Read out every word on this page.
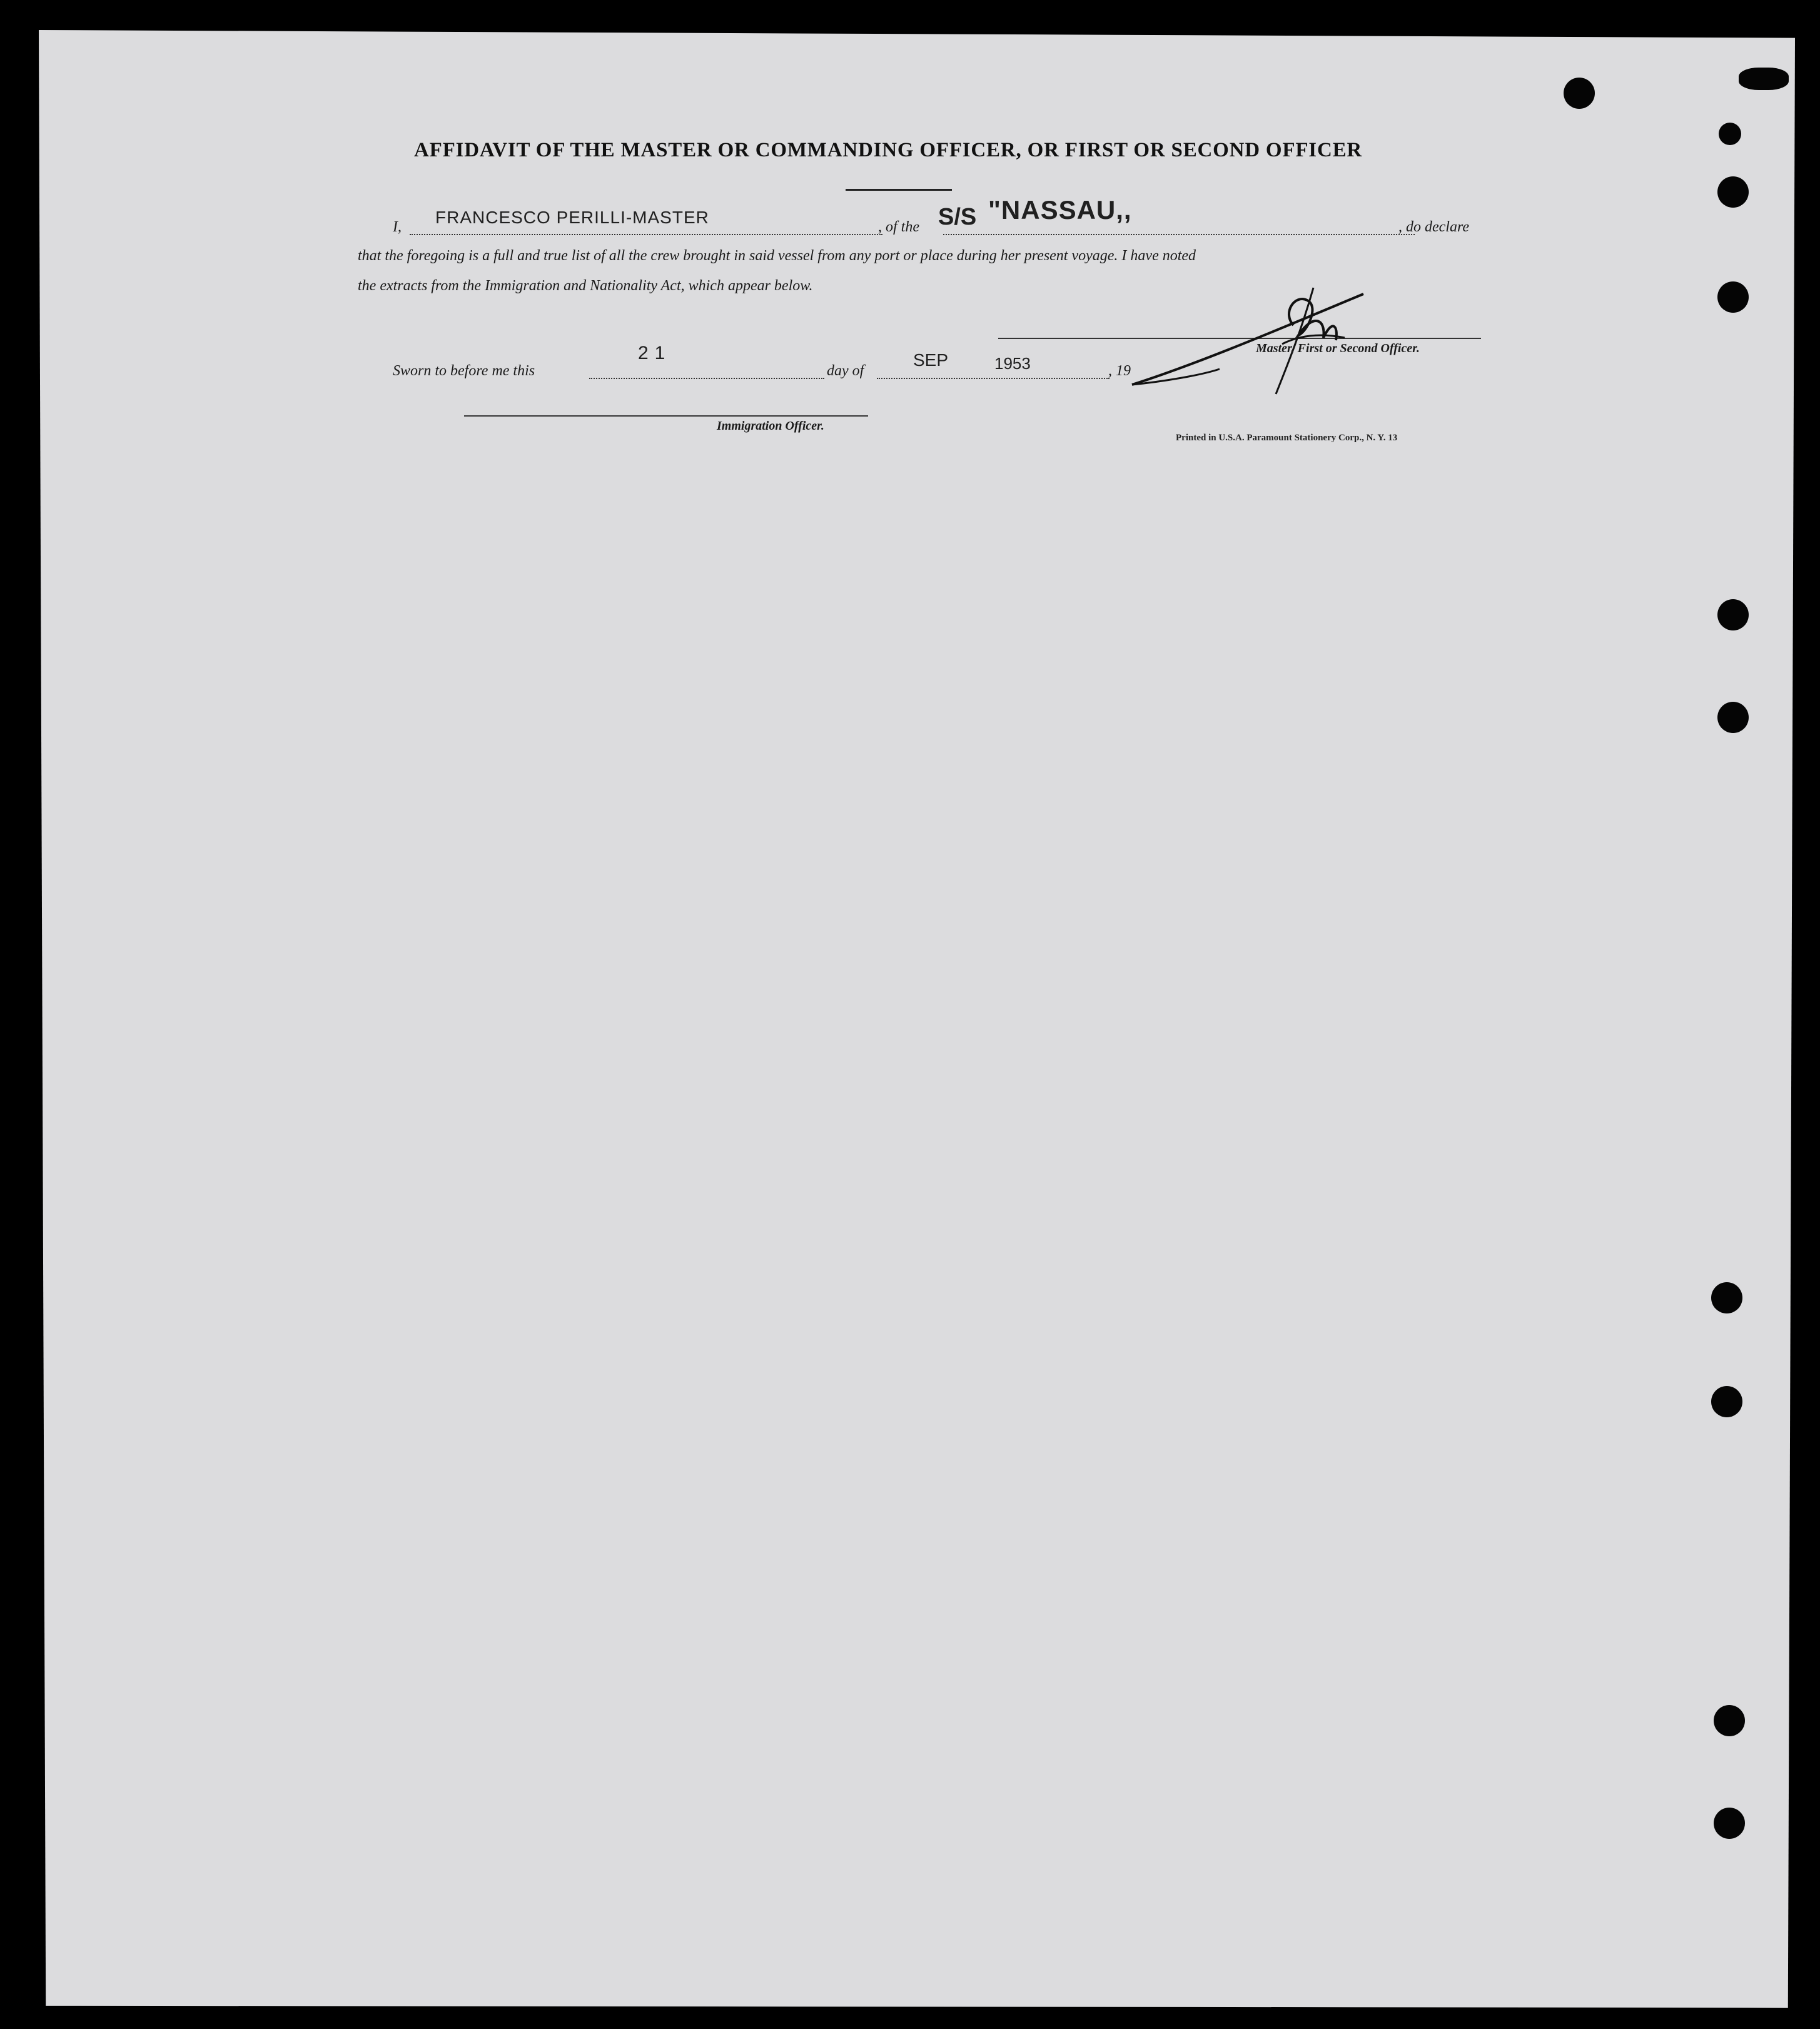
AFFIDAVIT OF THE MASTER OR COMMANDING OFFICER, OR FIRST OR SECOND OFFICER
I, FRANCESCO PERILLI-MASTER	, of the S/S "NASSAU,,
, do declare
that the foregoing is a full and true list of all the crew brought in said vessel from any port or place during her present voyage. I have noted
the extracts from the Immigration and Nationality Act, which appear below.
Master, First or Second Officer.
Sworn to before me this
21
day of
SEP	1953	, 19
Immigration Officer.
Printed in U.S.A. Paramount Stationery Corp., N. Y. 13
